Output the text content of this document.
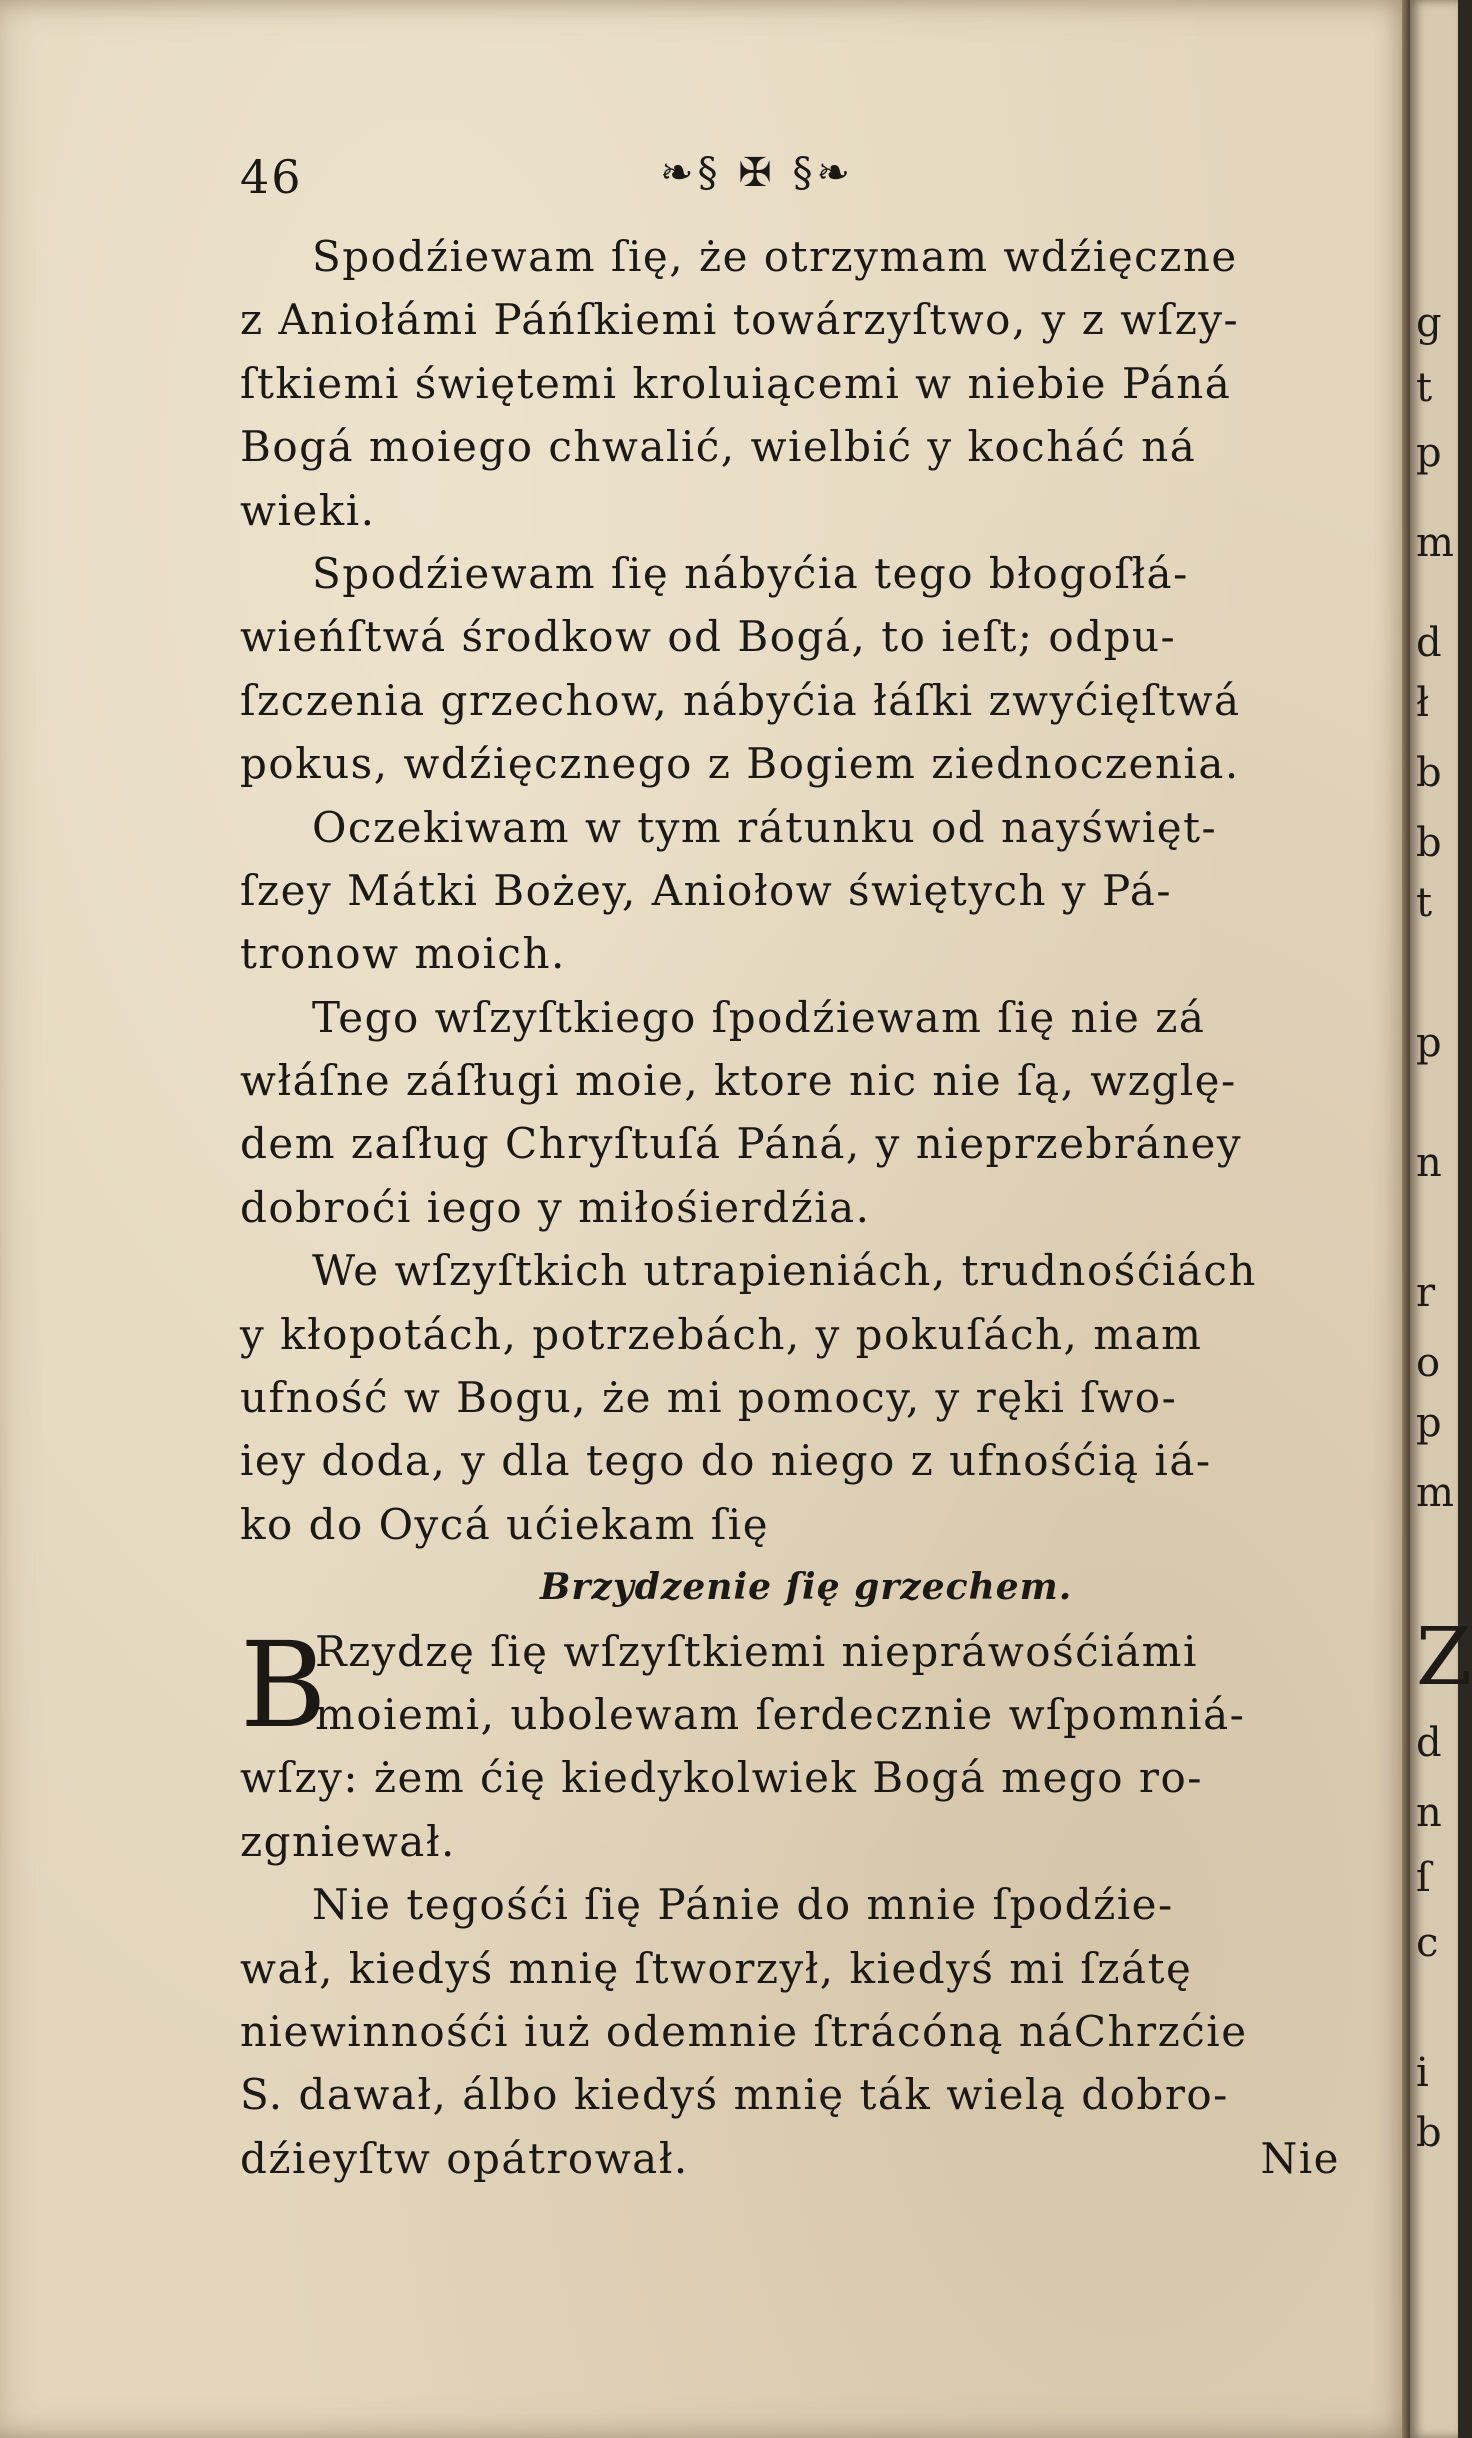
46	❧§ ✠ §❧
Spodźiewam ſię, że otrzymam wdźięczne
z Aniołámi Páńſkiemi towárzyſtwo, y z wſzy-
ſtkiemi świętemi kroluiącemi w niebie Páná
Bogá moiego chwalić, wielbić y kocháć ná
wieki.
Spodźiewam ſię nábyćia tego błogoſłá-
wieńſtwá środkow od Bogá, to ieſt; odpu-
ſzczenia grzechow, nábyćia łáſki zwyćięſtwá
pokus, wdźięcznego z Bogiem ziednoczenia.
Oczekiwam w tym rátunku od nayświęt-
ſzey Mátki Bożey, Aniołow świętych y Pá-
tronow moich.
Tego wſzyſtkiego ſpodźiewam ſię nie zá
włáſne záſługi moie, ktore nic nie ſą, wzglę-
dem zaſług Chryſtuſá Páná, y nieprzebráney
dobroći iego y miłośierdźia.
We wſzyſtkich utrapieniách, trudnośćiách
y kłopotách, potrzebách, y pokuſách, mam
ufność w Bogu, że mi pomocy, y ręki ſwo-
iey doda, y dla tego do niego z ufnośćią iá-
ko do Oycá ućiekam ſię
Brzydzenie ſię grzechem.
B
Rzydzę ſię wſzyſtkiemi niepráwośćiámi
moiemi, ubolewam ſerdecznie wſpomniá-
wſzy: żem ćię kiedykolwiek Bogá mego ro-
zgniewał.
Nie tegośći ſię Pánie do mnie ſpodźie-
wał, kiedyś mnię ſtworzył, kiedyś mi ſzátę
niewinnośći iuż odemnie ſtrácóną náChrzćie
S. dawał, álbo kiedyś mnię ták wielą dobro-
dźieyſtw opátrował.	Nie
g
t
p
m
d
ł
b
b
t
p
n
r
o
p
m
Z
d
n
ſ
c
i
b
